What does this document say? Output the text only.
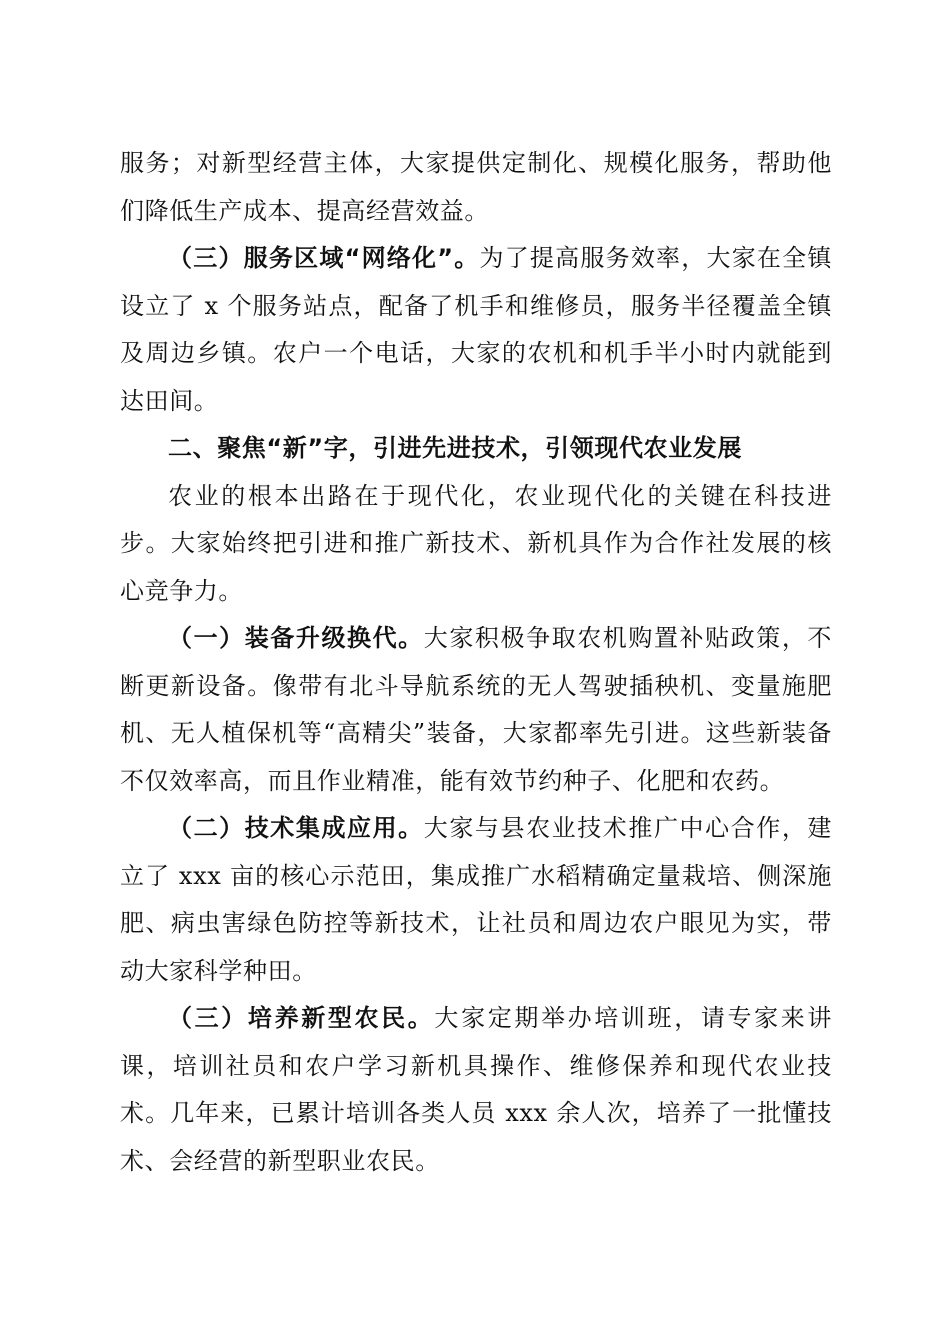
服务；对新型经营主体，大家提供定制化、规模化服务，帮助他们降低生产成本、提高经营效益。

（三）服务区域“网络化”。为了提高服务效率，大家在全镇设立了 x 个服务站点，配备了机手和维修员，服务半径覆盖全镇及周边乡镇。农户一个电话，大家的农机和机手半小时内就能到达田间。

二、聚焦“新”字，引进先进技术，引领现代农业发展

农业的根本出路在于现代化，农业现代化的关键在科技进步。大家始终把引进和推广新技术、新机具作为合作社发展的核心竞争力。

（一）装备升级换代。大家积极争取农机购置补贴政策，不断更新设备。像带有北斗导航系统的无人驾驶插秧机、变量施肥机、无人植保机等“高精尖”装备，大家都率先引进。这些新装备不仅效率高，而且作业精准，能有效节约种子、化肥和农药。

（二）技术集成应用。大家与县农业技术推广中心合作，建立了 xxx 亩的核心示范田，集成推广水稻精确定量栽培、侧深施肥、病虫害绿色防控等新技术，让社员和周边农户眼见为实，带动大家科学种田。

（三）培养新型农民。大家定期举办培训班，请专家来讲课，培训社员和农户学习新机具操作、维修保养和现代农业技术。几年来，已累计培训各类人员 xxx 余人次，培养了一批懂技术、会经营的新型职业农民。
